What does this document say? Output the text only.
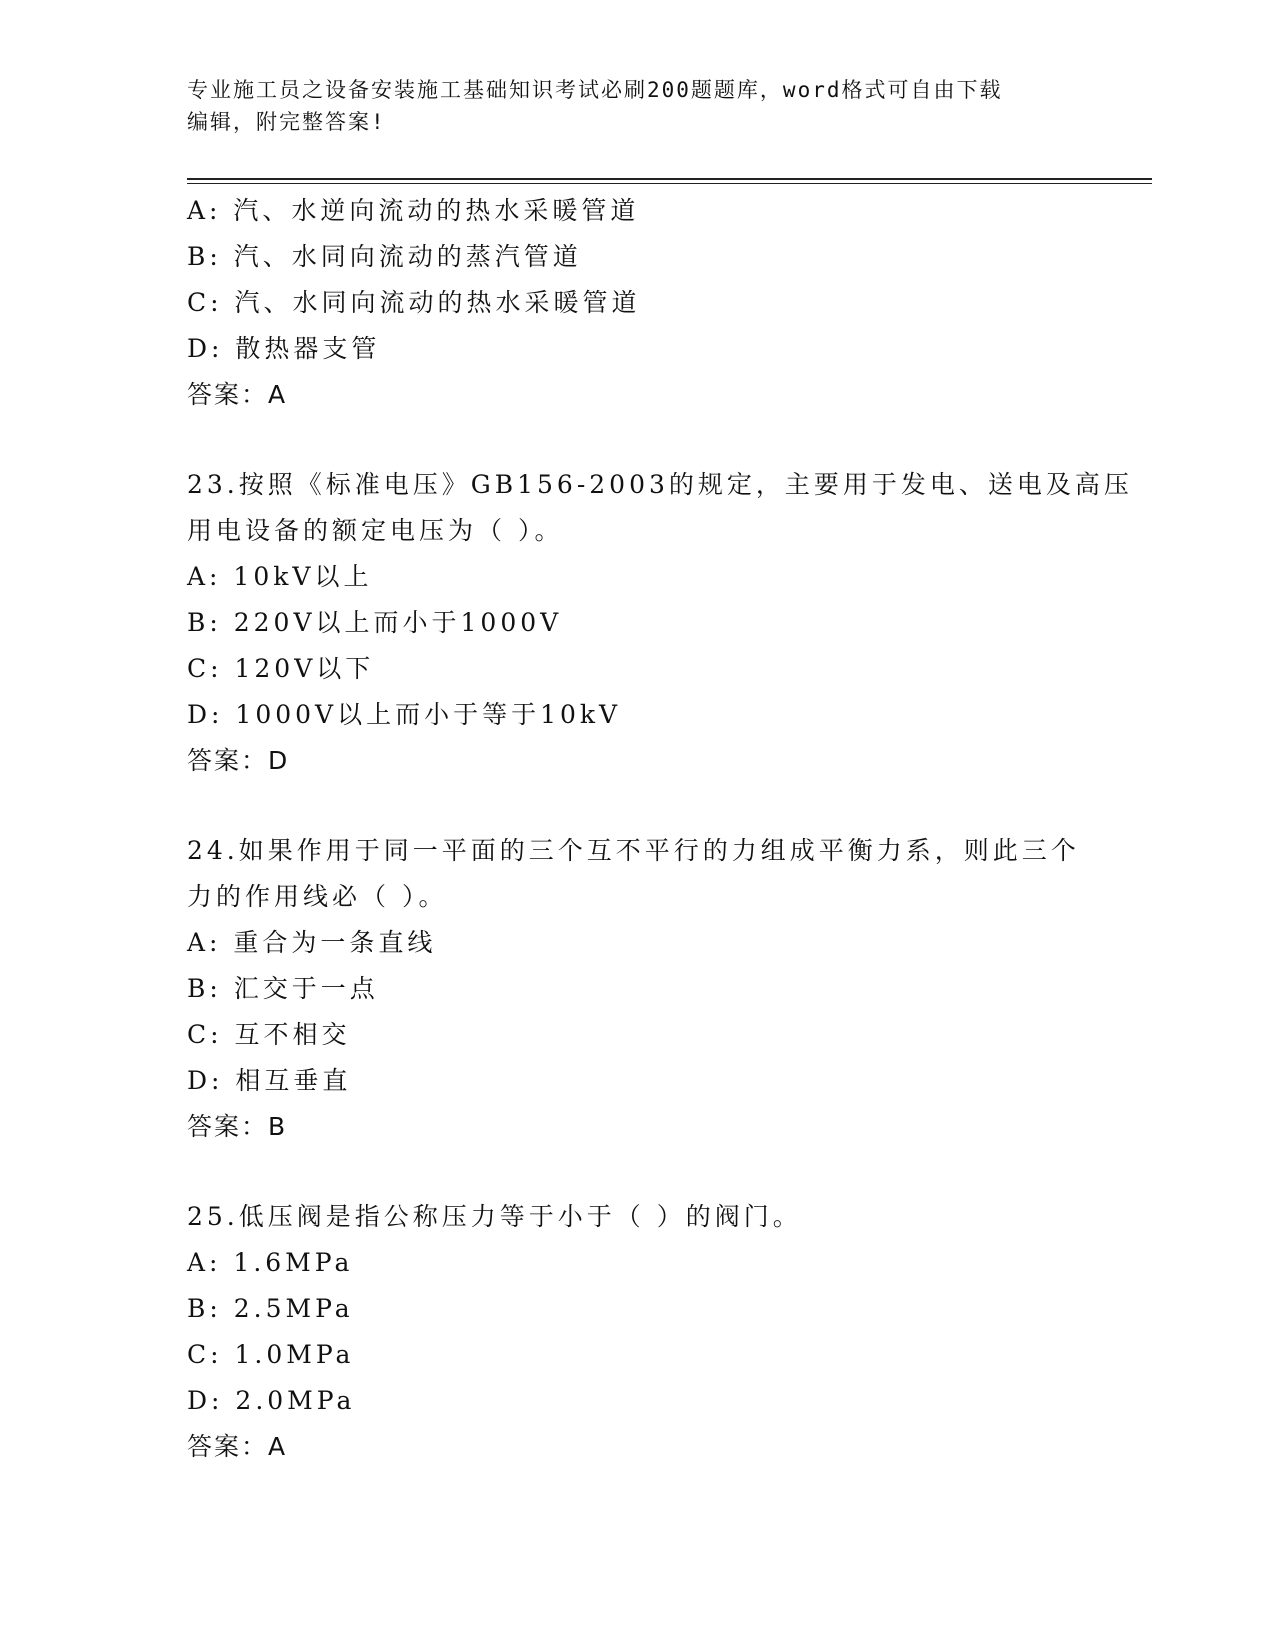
专业施工员之设备安装施工基础知识考试必刷200题题库，word格式可自由下载
编辑，附完整答案!
A: 汽、水逆向流动的热水采暖管道
B: 汽、水同向流动的蒸汽管道
C: 汽、水同向流动的热水采暖管道
D: 散热器支管
答案：A
23.按照《标准电压》GB156-2003的规定，主要用于发电、送电及高压
用电设备的额定电压为（ ）。
A: 10kV以上
B: 220V以上而小于1000V
C: 120V以下
D: 1000V以上而小于等于10kV
答案：D
24.如果作用于同一平面的三个互不平行的力组成平衡力系，则此三个
力的作用线必（ ）。
A: 重合为一条直线
B: 汇交于一点
C: 互不相交
D: 相互垂直
答案：B
25.低压阀是指公称压力等于小于（ ）的阀门。
A: 1.6MPa
B: 2.5MPa
C: 1.0MPa
D: 2.0MPa
答案：A
